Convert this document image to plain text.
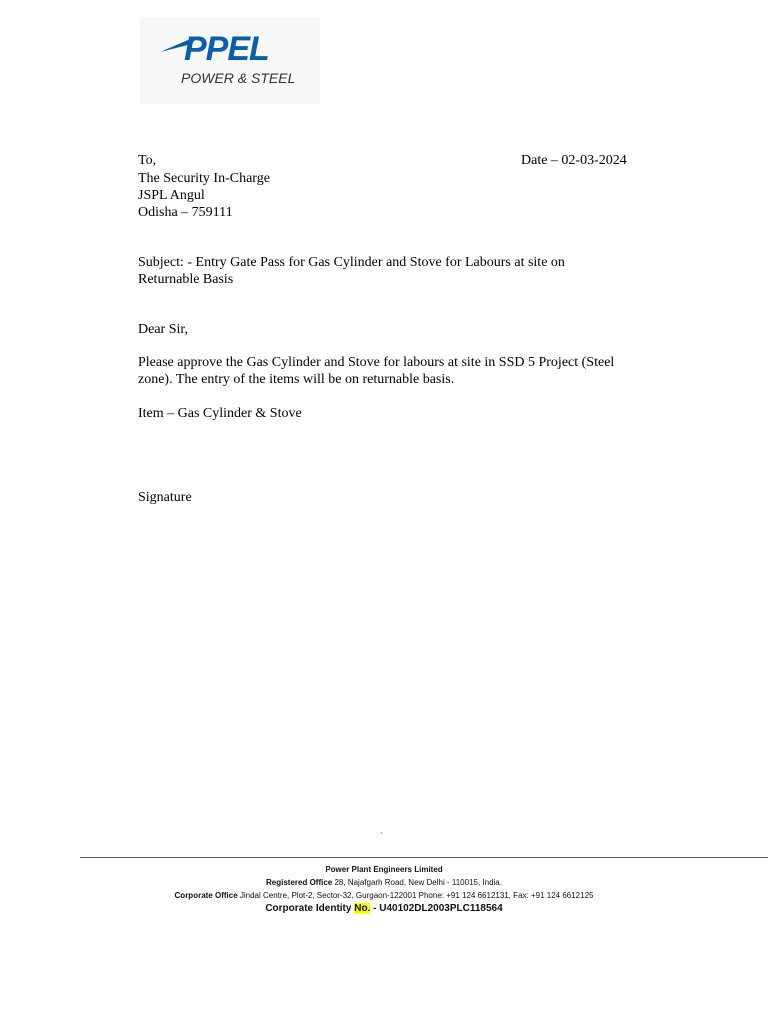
PPEL
POWER & STEEL
To,	Date – 02-03-2024
The Security In-Charge
JSPL Angul
Odisha – 759111
Subject: - Entry Gate Pass for Gas Cylinder and Stove for Labours at site on
Returnable Basis
Dear Sir,
Please approve the Gas Cylinder and Stove for labours at site in SSD 5 Project (Steel zone). The entry of the items will be on returnable basis.
Item – Gas Cylinder & Stove
Signature
`
Power Plant Engineers Limited
Registered Office 28, Najafgarh Road, New Delhi - 110015, India.
Corporate Office Jindal Centre, Plot-2, Sector-32, Gurgaon-122001 Phone: +91 124 6612131, Fax: +91 124 6612125
Corporate Identity No. - U40102DL2003PLC118564
